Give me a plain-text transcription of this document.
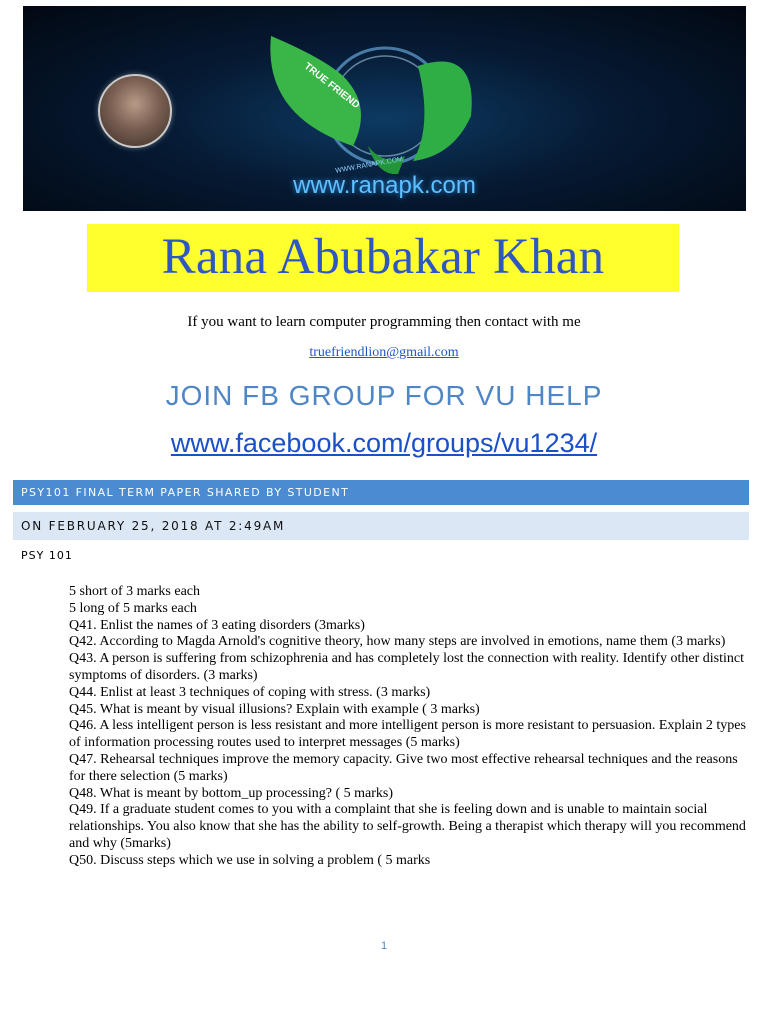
TRUE FRIEND
WWW.RANAPK.COM
www.ranapk.com
Rana Abubakar Khan
If you want to learn computer programming then contact with me
truefriendlion@gmail.com
JOIN FB GROUP FOR VU HELP
www.facebook.com/groups/vu1234/
PSY101 FINAL TERM PAPER SHARED BY STUDENT
ON FEBRUARY 25, 2018 AT 2:49AM
PSY 101

5 short of 3 marks each

5 long of 5 marks each

Q41. Enlist the names of 3 eating disorders (3marks)

Q42. According to Magda Arnold's cognitive theory, how many steps are involved in emotions, name them (3 marks)

Q43. A person is suffering from schizophrenia and has completely lost the connection with reality. Identify other distinct symptoms of disorders. (3 marks)

Q44. Enlist at least 3 techniques of coping with stress. (3 marks)

Q45. What is meant by visual illusions? Explain with example ( 3 marks)

Q46. A less intelligent person is less resistant and more intelligent person is more resistant to persuasion. Explain 2 types of information processing routes used to interpret messages (5 marks)

Q47. Rehearsal techniques improve the memory capacity. Give two most effective rehearsal techniques and the reasons for there selection (5 marks)

Q48. What is meant by bottom_up processing? ( 5 marks)

Q49. If a graduate student comes to you with a complaint that she is feeling down and is unable to maintain social relationships. You also know that she has the ability to self-growth. Being a therapist which therapy will you recommend and why (5marks)

Q50. Discuss steps which we use in solving a problem ( 5 marks

1
